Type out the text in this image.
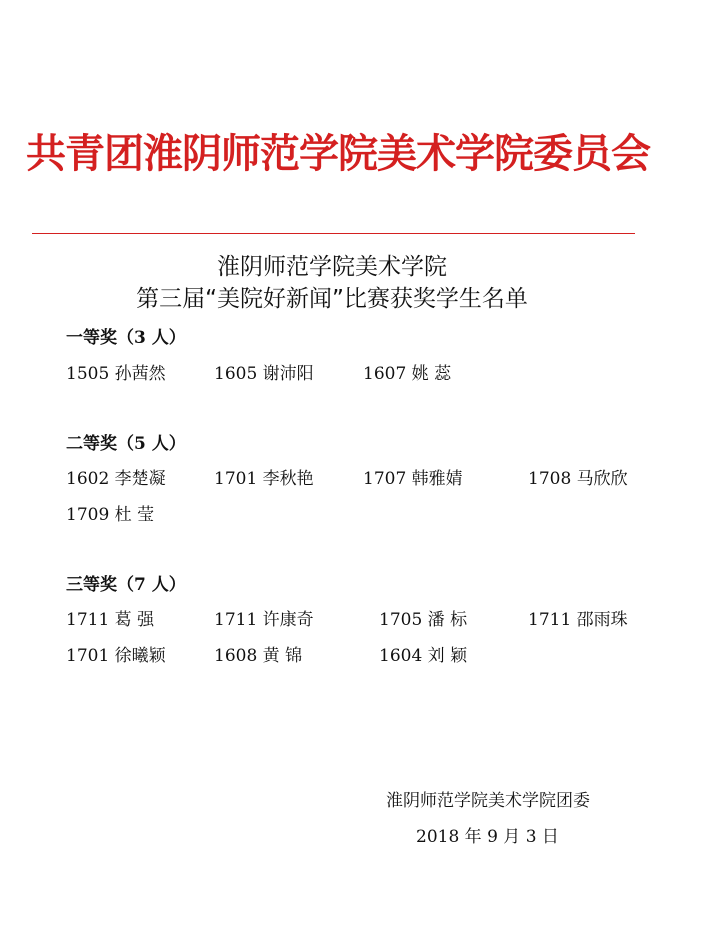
共青团淮阴师范学院美术学院委员会
淮阴师范学院美术学院
第三届“美院好新闻”比赛获奖学生名单
一等奖（3 人）
1505 孙茜然	1605 谢沛阳	1607 姚 蕊
二等奖（5 人）
1602 李楚凝	1701 李秋艳	1707 韩雅婧	1708 马欣欣
1709 杜 莹
三等奖（7 人）
1711 葛 强	1711 许康奇	1705 潘 标	1711 邵雨珠
1701 徐曦颖	1608 黄 锦	1604 刘 颖
淮阴师范学院美术学院团委
2018 年 9 月 3 日
